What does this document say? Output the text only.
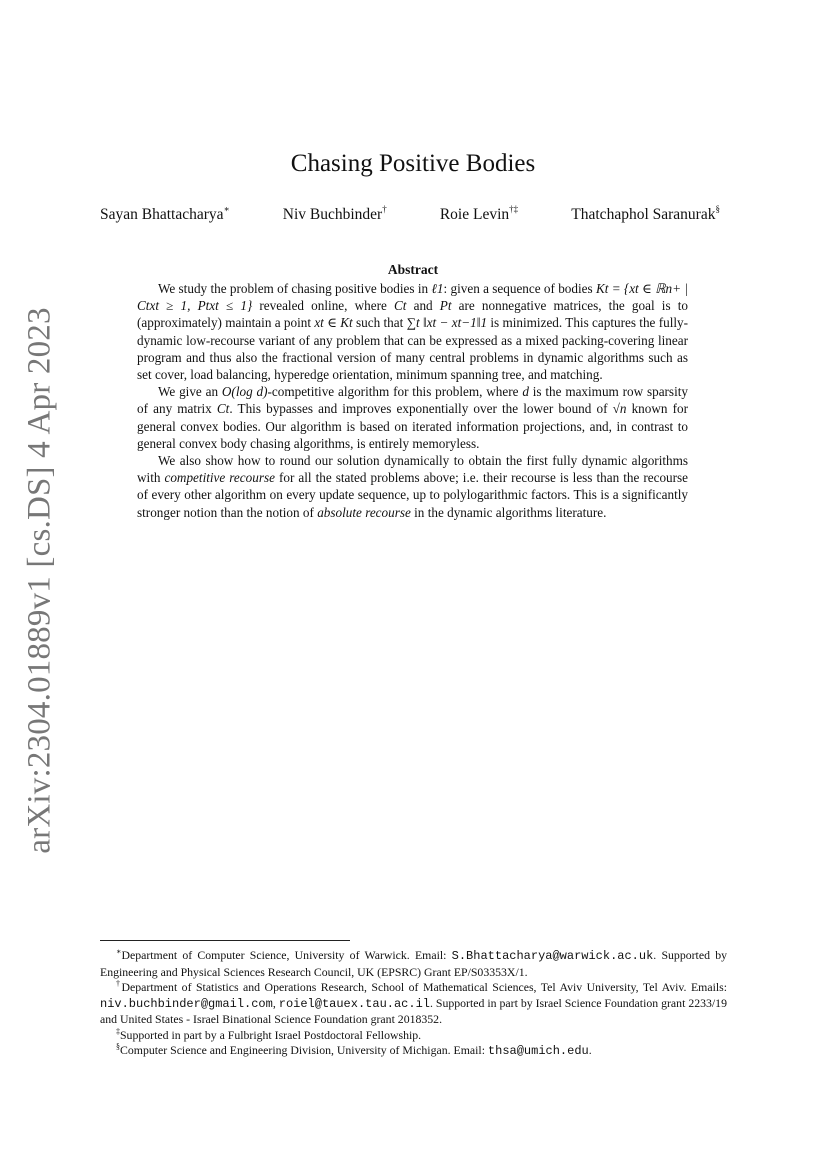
arXiv:2304.01889v1 [cs.DS] 4 Apr 2023
Chasing Positive Bodies
Sayan Bhattacharya∗	Niv Buchbinder†	Roie Levin†‡	Thatchaphol Saranurak§
Abstract

We study the problem of chasing positive bodies in ℓ1: given a sequence of bodies Kt = {xt ∈ ℝn+ | Ctxt ≥ 1, Ptxt ≤ 1} revealed online, where Ct and Pt are nonnegative matrices, the goal is to (approximately) maintain a point xt ∈ Kt such that ∑t ‖xt − xt−1‖1 is minimized. This captures the fully-dynamic low-recourse variant of any problem that can be expressed as a mixed packing-covering linear program and thus also the fractional version of many central problems in dynamic algorithms such as set cover, load balancing, hyperedge orientation, minimum spanning tree, and matching.

We give an O(log d)-competitive algorithm for this problem, where d is the maximum row sparsity of any matrix Ct. This bypasses and improves exponentially over the lower bound of √n known for general convex bodies. Our algorithm is based on iterated information projections, and, in contrast to general convex body chasing algorithms, is entirely memoryless.

We also show how to round our solution dynamically to obtain the first fully dynamic algorithms with competitive recourse for all the stated problems above; i.e. their recourse is less than the recourse of every other algorithm on every update sequence, up to polylogarithmic factors. This is a significantly stronger notion than the notion of absolute recourse in the dynamic algorithms literature.

∗Department of Computer Science, University of Warwick. Email: S.Bhattacharya@warwick.ac.uk. Supported by Engineering and Physical Sciences Research Council, UK (EPSRC) Grant EP/S03353X/1.

†Department of Statistics and Operations Research, School of Mathematical Sciences, Tel Aviv University, Tel Aviv. Emails: niv.buchbinder@gmail.com, roiel@tauex.tau.ac.il. Supported in part by Israel Science Foundation grant 2233/19 and United States - Israel Binational Science Foundation grant 2018352.

‡Supported in part by a Fulbright Israel Postdoctoral Fellowship.

§Computer Science and Engineering Division, University of Michigan. Email: thsa@umich.edu.
